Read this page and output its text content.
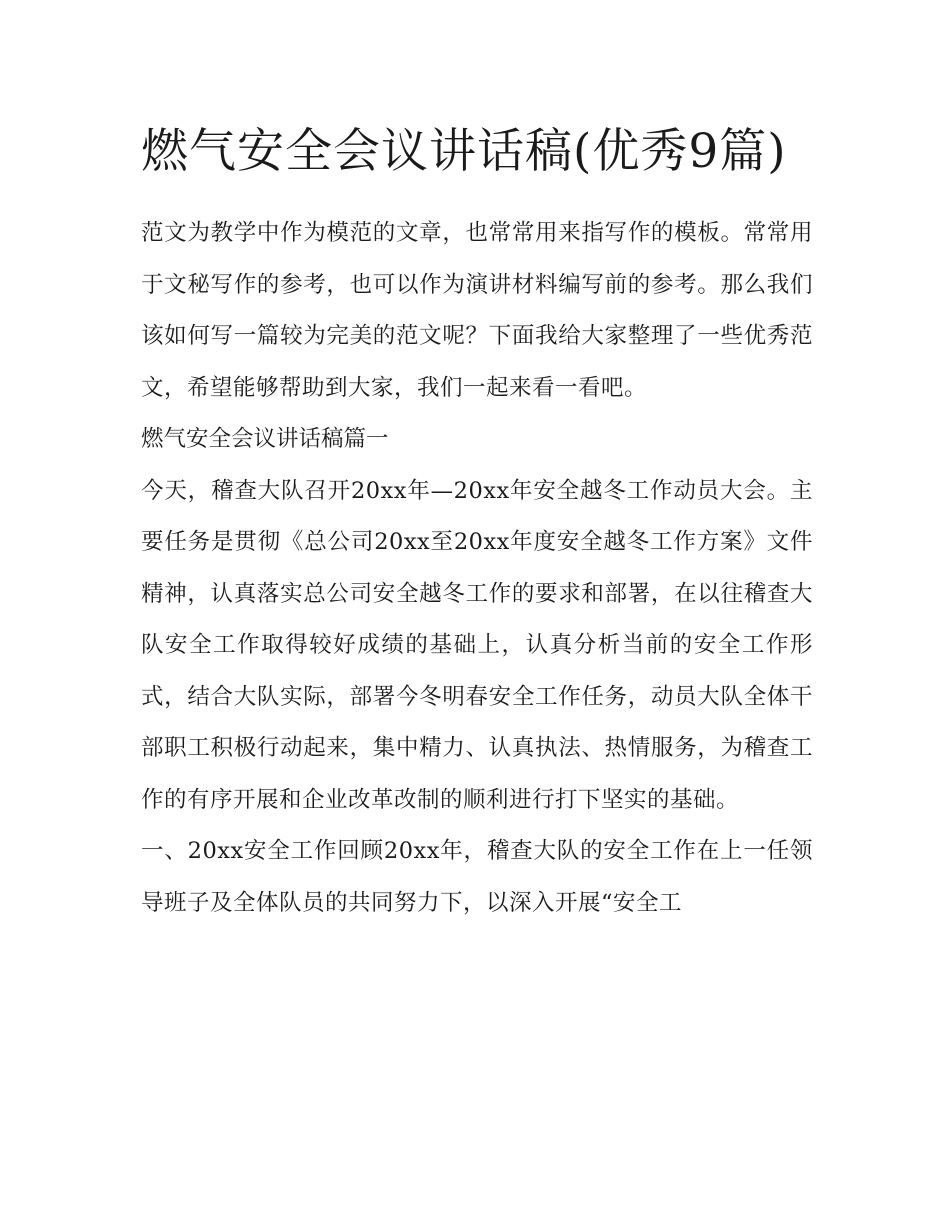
燃气安全会议讲话稿(优秀9篇)

范文为教学中作为模范的文章，也常常用来指写作的模板。常常用于文秘写作的参考，也可以作为演讲材料编写前的参考。那么我们该如何写一篇较为完美的范文呢？下面我给大家整理了一些优秀范文，希望能够帮助到大家，我们一起来看一看吧。

燃气安全会议讲话稿篇一

今天，稽查大队召开20xx年—20xx年安全越冬工作动员大会。主要任务是贯彻《总公司20xx至20xx年度安全越冬工作方案》文件精神，认真落实总公司安全越冬工作的要求和部署，在以往稽查大队安全工作取得较好成绩的基础上，认真分析当前的安全工作形式，结合大队实际，部署今冬明春安全工作任务，动员大队全体干部职工积极行动起来，集中精力、认真执法、热情服务，为稽查工作的有序开展和企业改革改制的顺利进行打下坚实的基础。

一、20xx安全工作回顾20xx年，稽查大队的安全工作在上一任领导班子及全体队员的共同努力下，以深入开展“安全工
